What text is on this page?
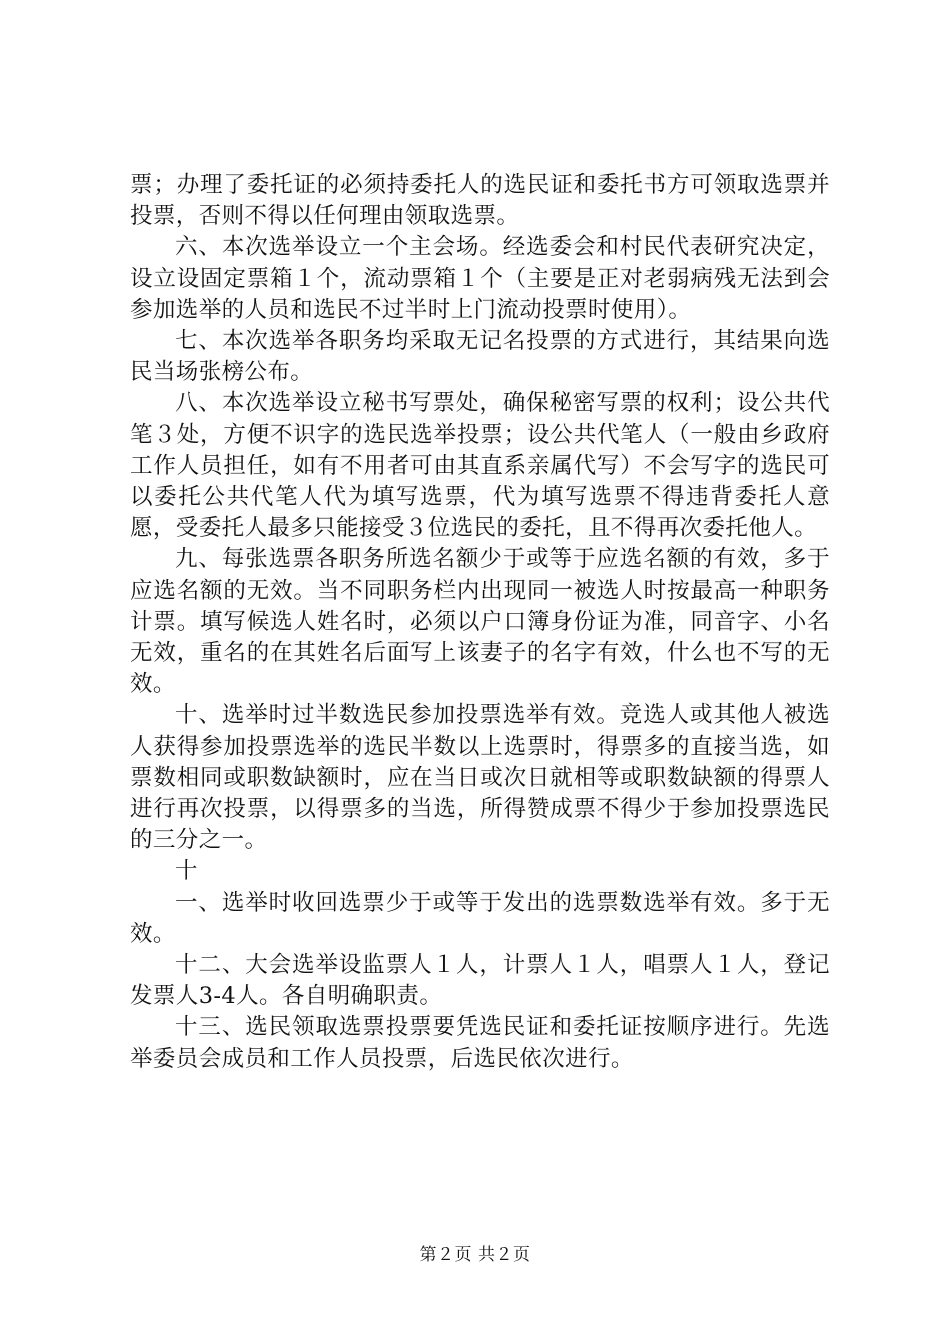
票；办理了委托证的必须持委托人的选民证和委托书方可领取选票并投票，否则不得以任何理由领取选票。

六、本次选举设立一个主会场。经选委会和村民代表研究决定，设立设固定票箱１个，流动票箱１个（主要是正对老弱病残无法到会参加选举的人员和选民不过半时上门流动投票时使用）。

七、本次选举各职务均采取无记名投票的方式进行，其结果向选民当场张榜公布。

八、本次选举设立秘书写票处，确保秘密写票的权利；设公共代笔３处，方便不识字的选民选举投票；设公共代笔人（一般由乡政府工作人员担任，如有不用者可由其直系亲属代写）不会写字的选民可以委托公共代笔人代为填写选票，代为填写选票不得违背委托人意愿，受委托人最多只能接受３位选民的委托，且不得再次委托他人。

九、每张选票各职务所选名额少于或等于应选名额的有效，多于应选名额的无效。当不同职务栏内出现同一被选人时按最高一种职务计票。填写候选人姓名时，必须以户口簿身份证为准，同音字、小名无效，重名的在其姓名后面写上该妻子的名字有效，什么也不写的无效。

十、选举时过半数选民参加投票选举有效。竞选人或其他人被选人获得参加投票选举的选民半数以上选票时，得票多的直接当选，如票数相同或职数缺额时，应在当日或次日就相等或职数缺额的得票人进行再次投票，以得票多的当选，所得赞成票不得少于参加投票选民的三分之一。

十

一、选举时收回选票少于或等于发出的选票数选举有效。多于无效。

十二、大会选举设监票人１人，计票人１人，唱票人１人，登记发票人3-4人。各自明确职责。

十三、选民领取选票投票要凭选民证和委托证按顺序进行。先选举委员会成员和工作人员投票，后选民依次进行。

第２页 共２页
